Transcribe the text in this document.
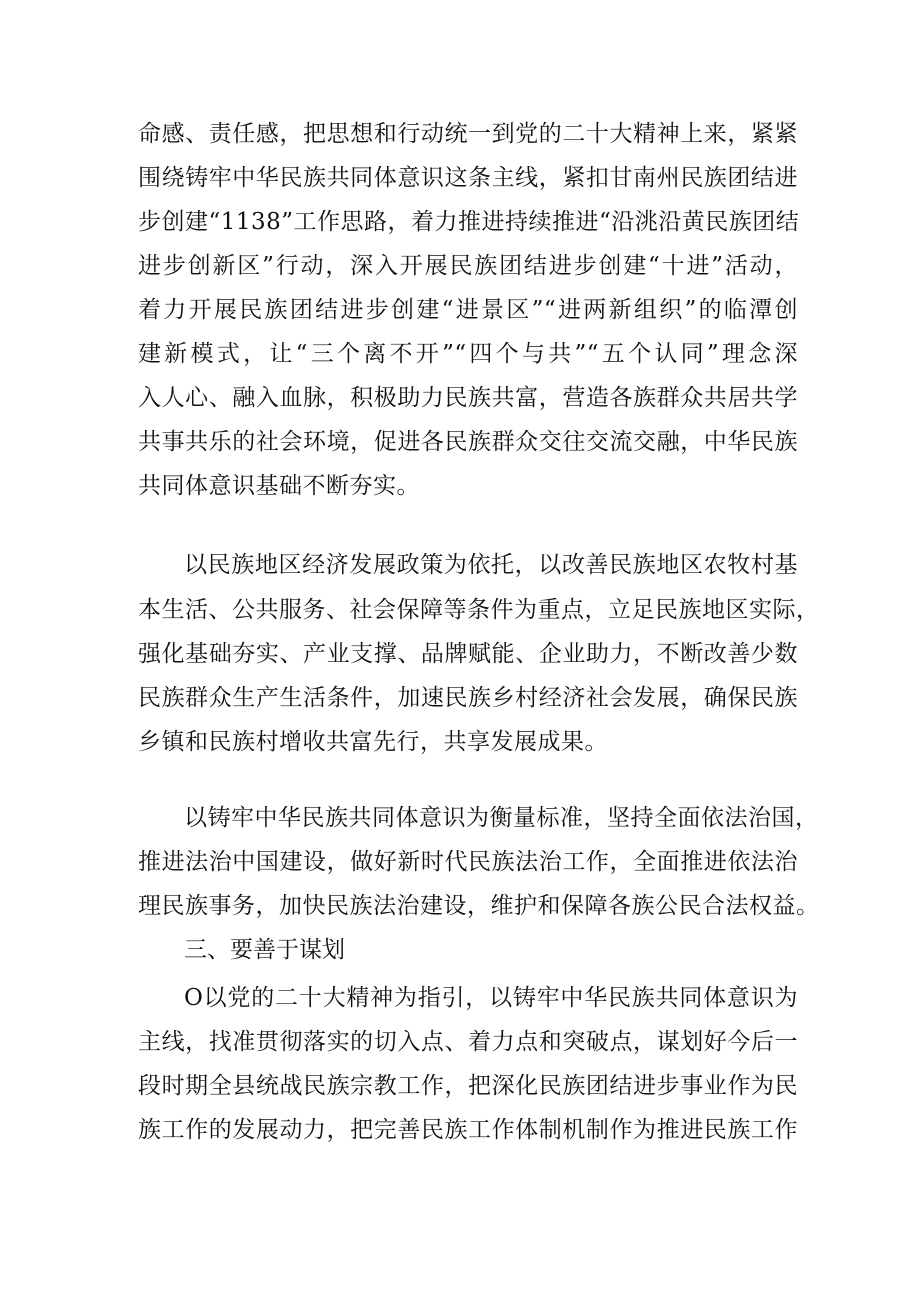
命感、责任感，把思想和行动统一到党的二十大精神上来，紧紧
围绕铸牢中华民族共同体意识这条主线，紧扣甘南州民族团结进
步创建“1138”工作思路，着力推进持续推进“沿洮沿黄民族团结
进步创新区”行动，深入开展民族团结进步创建“十进”活动，
着力开展民族团结进步创建“进景区”“进两新组织”的临潭创
建新模式，让“三个离不开”“四个与共”“五个认同”理念深
入人心、融入血脉，积极助力民族共富，营造各族群众共居共学
共事共乐的社会环境，促进各民族群众交往交流交融，中华民族
共同体意识基础不断夯实。
以民族地区经济发展政策为依托，以改善民族地区农牧村基
本生活、公共服务、社会保障等条件为重点，立足民族地区实际，
强化基础夯实、产业支撑、品牌赋能、企业助力，不断改善少数
民族群众生产生活条件，加速民族乡村经济社会发展，确保民族
乡镇和民族村增收共富先行，共享发展成果。
以铸牢中华民族共同体意识为衡量标准，坚持全面依法治国，
推进法治中国建设，做好新时代民族法治工作，全面推进依法治
理民族事务，加快民族法治建设，维护和保障各族公民合法权益。
三、要善于谋划
O以党的二十大精神为指引，以铸牢中华民族共同体意识为
主线，找准贯彻落实的切入点、着力点和突破点，谋划好今后一
段时期全县统战民族宗教工作，把深化民族团结进步事业作为民
族工作的发展动力，把完善民族工作体制机制作为推进民族工作
